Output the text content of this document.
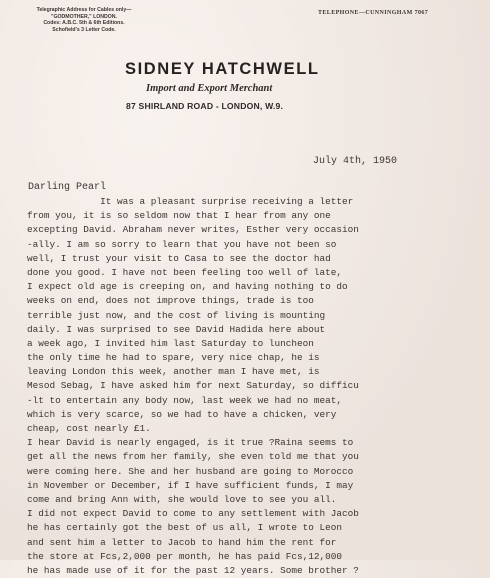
Telegraphic Address for Cables only—
"GODMOTHER," LONDON.
Codes: A.B.C. 5th & 6th Editions.
Schofield's 3 Letter Code.
TELEPHONE—CUNNINGHAM 7067
SIDNEY HATCHWELL
Import and Export Merchant
87 SHIRLAND ROAD - LONDON, W.9.
July 4th, 1950
Darling Pearl
It was a pleasant surprise receiving a letter
from you, it is so seldom now that I hear from any one
excepting David. Abraham never writes, Esther very occasion
-ally. I am so sorry to learn that you have not been so
well, I trust your visit to Casa to see the doctor had
done you good. I have not been feeling too well of late,
I expect old age is creeping on, and having nothing to do
weeks on end, does not improve things, trade is too
terrible just now, and the cost of living is mounting
daily. I was surprised to see David Hadida here about
a week ago, I invited him last Saturday to luncheon
the only time he had to spare, very nice chap, he is
leaving London this week, another man I have met, is
Mesod Sebag, I have asked him for next Saturday, so difficu
-lt to entertain any body now, last week we had no meat,
which is very scarce, so we had to have a chicken, very
cheap, cost nearly £1.
I hear David is nearly engaged, is it true ?Raina seems to
get all the news from her family, she even told me that you
were coming here. She and her husband are going to Morocco
in November or December, if I have sufficient funds, I may
come and bring Ann with, she would love to see you all.
I did not expect David to come to any settlement with Jacob
he has certainly got the best of us all, I wrote to Leon
and sent him a letter to Jacob to hand him the rent for
the store at Fcs,2,000 per month, he has paid Fcs,12,000
he has made use of it for the past 12 years. Some brother ?
